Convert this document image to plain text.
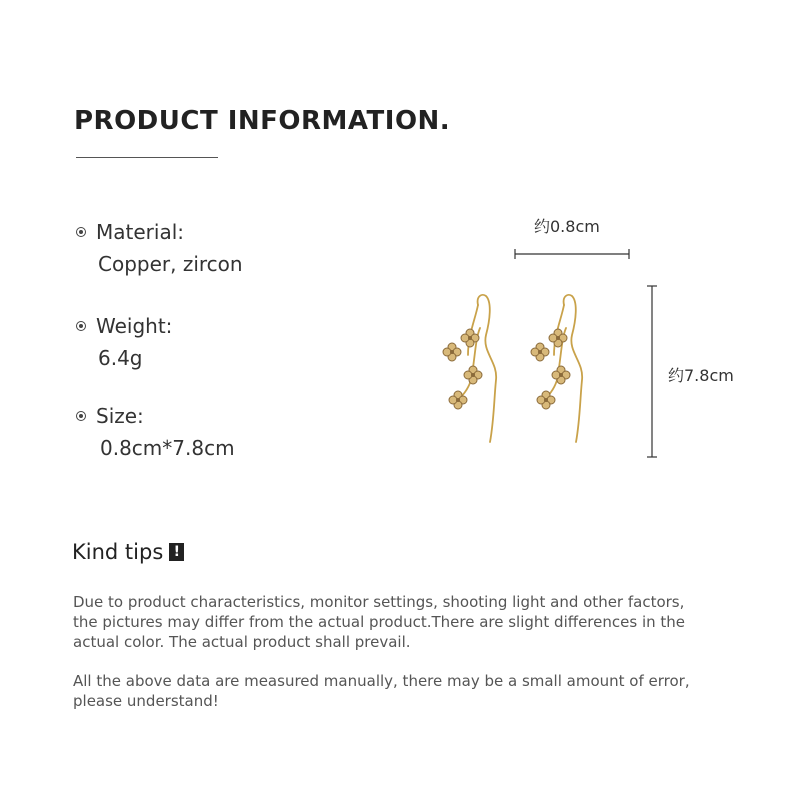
PRODUCT INFORMATION.
Material:
Copper, zircon
Weight:
6.4g
Size:
0.8cm*7.8cm
约0.8cm
约7.8cm
Kind tips !

Due to product characteristics, monitor settings, shooting light and other factors, the pictures may differ from the actual product.There are slight differences in the actual color. The actual product shall prevail.

All the above data are measured manually, there may be a small amount of error, please understand!
